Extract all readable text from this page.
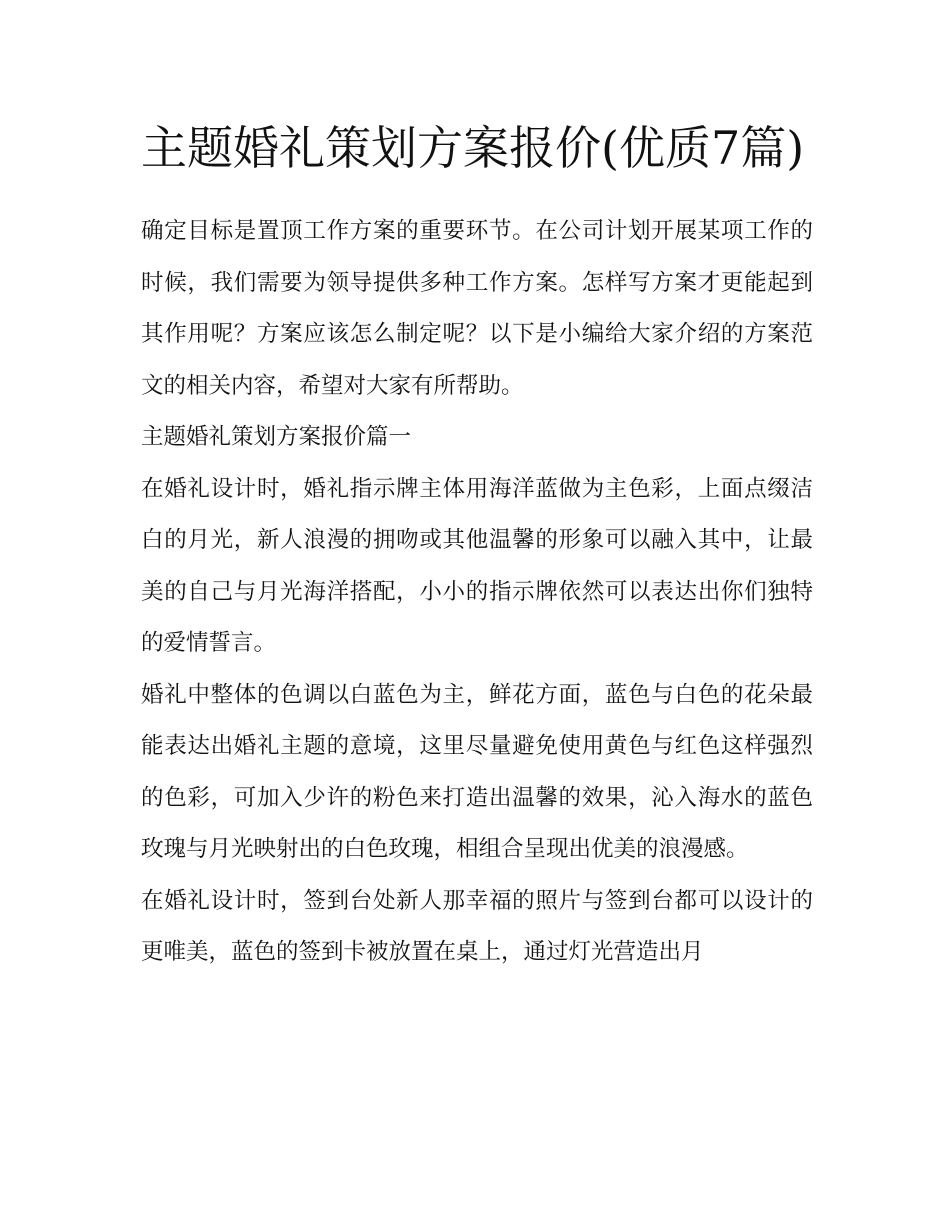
主题婚礼策划方案报价(优质7篇)

确定目标是置顶工作方案的重要环节。在公司计划开展某项工作的时候，我们需要为领导提供多种工作方案。怎样写方案才更能起到其作用呢？方案应该怎么制定呢？以下是小编给大家介绍的方案范文的相关内容，希望对大家有所帮助。

主题婚礼策划方案报价篇一

在婚礼设计时，婚礼指示牌主体用海洋蓝做为主色彩，上面点缀洁白的月光，新人浪漫的拥吻或其他温馨的形象可以融入其中，让最美的自己与月光海洋搭配，小小的指示牌依然可以表达出你们独特的爱情誓言。

婚礼中整体的色调以白蓝色为主，鲜花方面，蓝色与白色的花朵最能表达出婚礼主题的意境，这里尽量避免使用黄色与红色这样强烈的色彩，可加入少许的粉色来打造出温馨的效果，沁入海水的蓝色玫瑰与月光映射出的白色玫瑰，相组合呈现出优美的浪漫感。

在婚礼设计时，签到台处新人那幸福的照片与签到台都可以设计的更唯美，蓝色的签到卡被放置在桌上，通过灯光营造出月
